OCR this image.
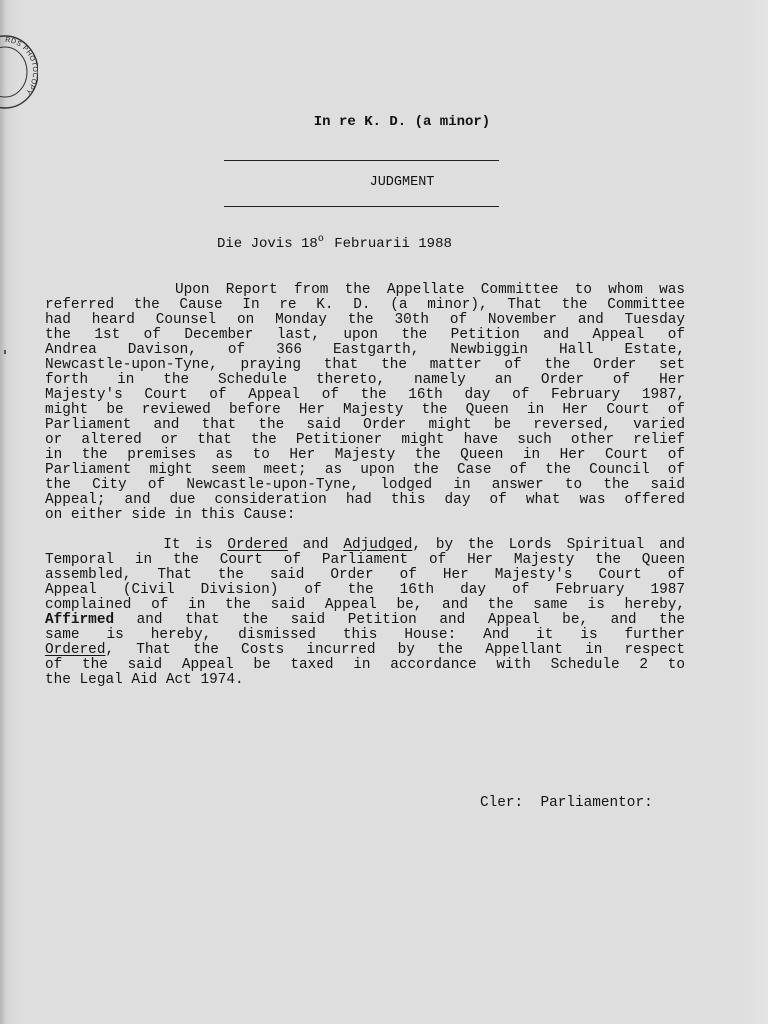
RDS PHOTOCOPY
In re K. D. (a minor)
JUDGMENT
Die Jovis 18$^o$ Februarii 1988
Upon Report from the Appellate Committee to whom was
referred the Cause In re K. D. (a minor), That the Committee
had heard Counsel on Monday the 30th of November and Tuesday
the 1st of December last, upon the Petition and Appeal of
Andrea Davison, of 366 Eastgarth, Newbiggin Hall Estate,
Newcastle-upon-Tyne, praying that the matter of the Order set
forth in the Schedule thereto, namely an Order of Her
Majesty's Court of Appeal of the 16th day of February 1987,
might be reviewed before Her Majesty the Queen in Her Court of
Parliament and that the said Order might be reversed, varied
or altered or that the Petitioner might have such other relief
in the premises as to Her Majesty the Queen in Her Court of
Parliament might seem meet; as upon the Case of the Council of
the City of Newcastle-upon-Tyne, lodged in answer to the said
Appeal; and due consideration had this day of what was offered
on either side in this Cause:
It is Ordered and Adjudged, by the Lords Spiritual and
Temporal in the Court of Parliament of Her Majesty the Queen
assembled, That the said Order of Her Majesty's Court of
Appeal (Civil Division) of the 16th day of February 1987
complained of in the said Appeal be, and the same is hereby,
Affirmed and that the said Petition and Appeal be, and the
same is hereby, dismissed this House: And it is further
Ordered, That the Costs incurred by the Appellant in respect
of the said Appeal be taxed in accordance with Schedule 2 to
the Legal Aid Act 1974.
Cler:  Parliamentor:
